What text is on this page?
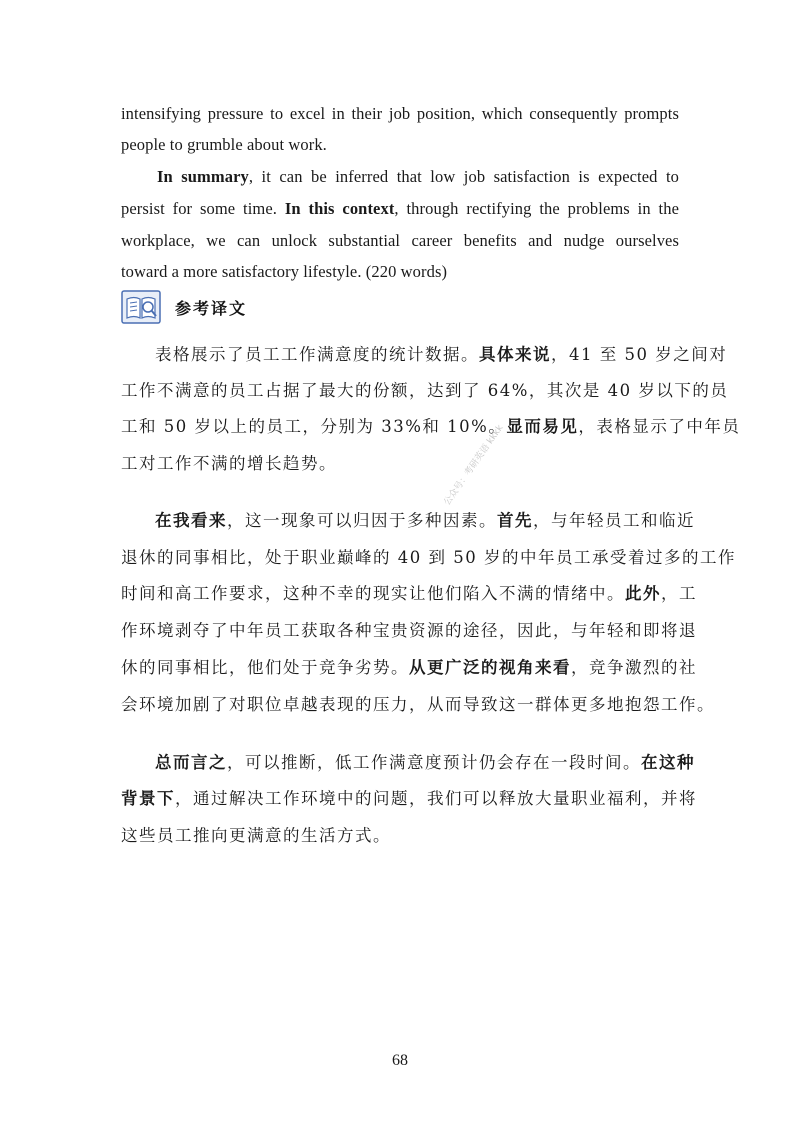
intensifying pressure to excel in their job position, which consequently prompts
people to grumble about work.
In summary, it can be inferred that low job satisfaction is expected to
persist for some time. In this context, through rectifying the problems in the
workplace, we can unlock substantial career benefits and nudge ourselves
toward a more satisfactory lifestyle. (220 words)
参考译文
表格展示了员工工作满意度的统计数据。具体来说，41 至 50 岁之间对
工作不满意的员工占据了最大的份额，达到了 64%，其次是 40 岁以下的员
工和 50 岁以上的员工，分别为 33%和 10%。显而易见，表格显示了中年员
工对工作不满的增长趋势。
在我看来，这一现象可以归因于多种因素。首先，与年轻员工和临近
退休的同事相比，处于职业巅峰的 40 到 50 岁的中年员工承受着过多的工作
时间和高工作要求，这种不幸的现实让他们陷入不满的情绪中。此外，工
作环境剥夺了中年员工获取各种宝贵资源的途径，因此，与年轻和即将退
休的同事相比，他们处于竞争劣势。从更广泛的视角来看，竞争激烈的社
会环境加剧了对职位卓越表现的压力，从而导致这一群体更多地抱怨工作。
总而言之，可以推断，低工作满意度预计仍会存在一段时间。在这种
背景下，通过解决工作环境中的问题，我们可以释放大量职业福利，并将
这些员工推向更满意的生活方式。
公众号：考研英语 kkkk
68
